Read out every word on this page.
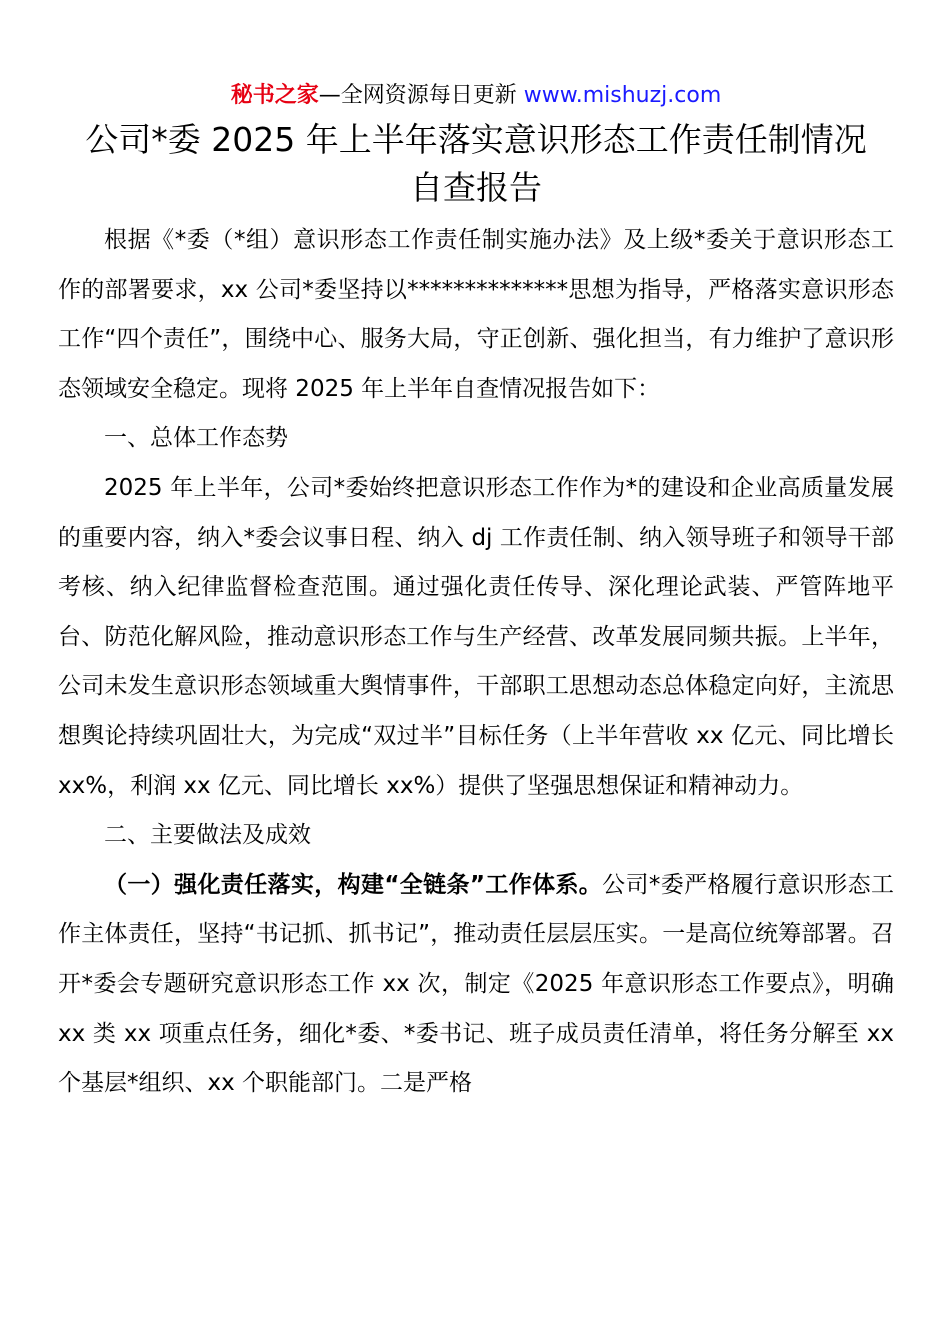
秘书之家—全网资源每日更新 www.mishuzj.com
公司*委 2025 年上半年落实意识形态工作责任制情况
自查报告

根据《*委（*组）意识形态工作责任制实施办法》及上级*委关于意识形态工作的部署要求，xx 公司*委坚持以**************思想为指导，严格落实意识形态工作“四个责任”，围绕中心、服务大局，守正创新、强化担当，有力维护了意识形态领域安全稳定。现将 2025 年上半年自查情况报告如下：

一、总体工作态势

2025 年上半年，公司*委始终把意识形态工作作为*的建设和企业高质量发展的重要内容，纳入*委会议事日程、纳入 dj 工作责任制、纳入领导班子和领导干部考核、纳入纪律监督检查范围。通过强化责任传导、深化理论武装、严管阵地平台、防范化解风险，推动意识形态工作与生产经营、改革发展同频共振。上半年，公司未发生意识形态领域重大舆情事件，干部职工思想动态总体稳定向好，主流思想舆论持续巩固壮大，为完成“双过半”目标任务（上半年营收 xx 亿元、同比增长 xx%，利润 xx 亿元、同比增长 xx%）提供了坚强思想保证和精神动力。

二、主要做法及成效

（一）强化责任落实，构建“全链条”工作体系。公司*委严格履行意识形态工作主体责任，坚持“书记抓、抓书记”，推动责任层层压实。一是高位统筹部署。召开*委会专题研究意识形态工作 xx 次，制定《2025 年意识形态工作要点》，明确 xx 类 xx 项重点任务，细化*委、*委书记、班子成员责任清单，将任务分解至 xx 个基层*组织、xx 个职能部门。二是严格
